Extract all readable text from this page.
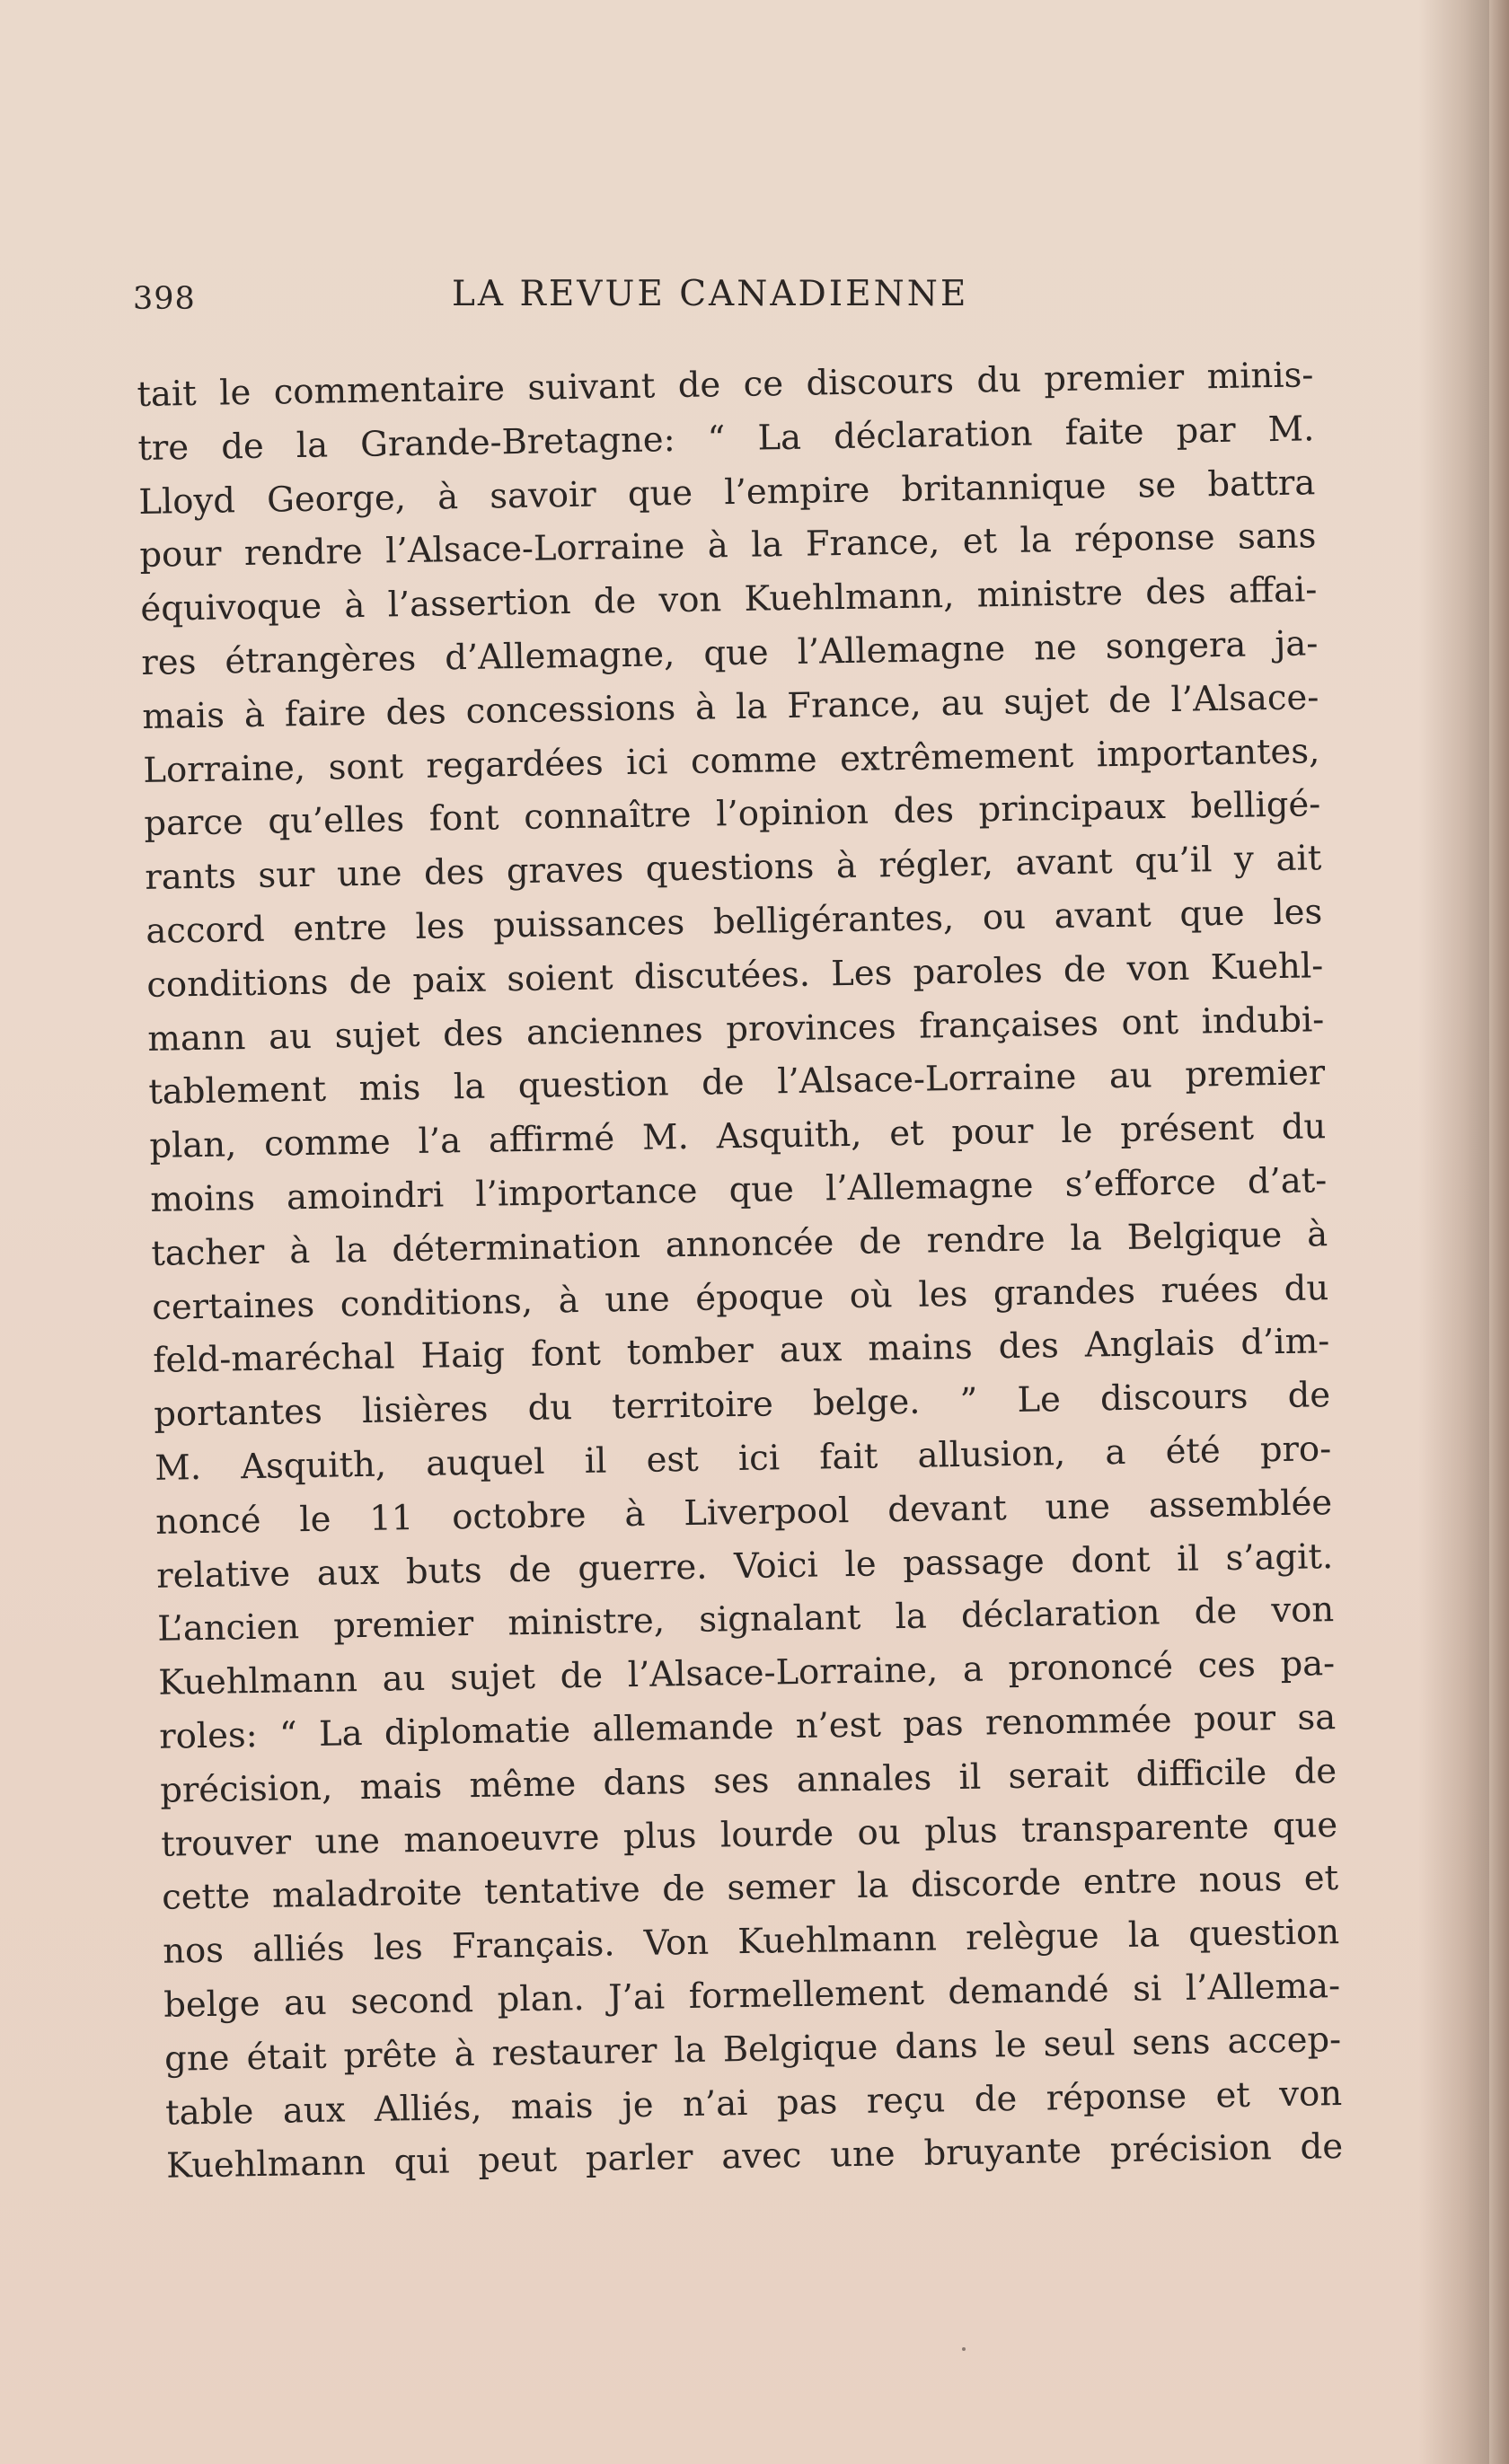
398	LA REVUE CANADIENNE
tait le commentaire suivant de ce discours du premier minis-
tre de la Grande-Bretagne: “ La déclaration faite par M.
Lloyd George, à savoir que l’empire britannique se battra
pour rendre l’Alsace-Lorraine à la France, et la réponse sans
équivoque à l’assertion de von Kuehlmann, ministre des affai-
res étrangères d’Allemagne, que l’Allemagne ne songera ja-
mais à faire des concessions à la France, au sujet de l’Alsace-
Lorraine, sont regardées ici comme extrêmement importantes,
parce qu’elles font connaître l’opinion des principaux belligé-
rants sur une des graves questions à régler, avant qu’il y ait
accord entre les puissances belligérantes, ou avant que les
conditions de paix soient discutées. Les paroles de von Kuehl-
mann au sujet des anciennes provinces françaises ont indubi-
tablement mis la question de l’Alsace-Lorraine au premier
plan, comme l’a affirmé M. Asquith, et pour le présent du
moins amoindri l’importance que l’Allemagne s’efforce d’at-
tacher à la détermination annoncée de rendre la Belgique à
certaines conditions, à une époque où les grandes ruées du
feld-maréchal Haig font tomber aux mains des Anglais d’im-
portantes lisières du territoire belge. ” Le discours de
M. Asquith, auquel il est ici fait allusion, a été pro-
noncé le 11 octobre à Liverpool devant une assemblée
relative aux buts de guerre. Voici le passage dont il s’agit.
L’ancien premier ministre, signalant la déclaration de von
Kuehlmann au sujet de l’Alsace-Lorraine, a prononcé ces pa-
roles: “ La diplomatie allemande n’est pas renommée pour sa
précision, mais même dans ses annales il serait difficile de
trouver une manoeuvre plus lourde ou plus transparente que
cette maladroite tentative de semer la discorde entre nous et
nos alliés les Français. Von Kuehlmann relègue la question
belge au second plan. J’ai formellement demandé si l’Allema-
gne était prête à restaurer la Belgique dans le seul sens accep-
table aux Alliés, mais je n’ai pas reçu de réponse et von
Kuehlmann qui peut parler avec une bruyante précision de
